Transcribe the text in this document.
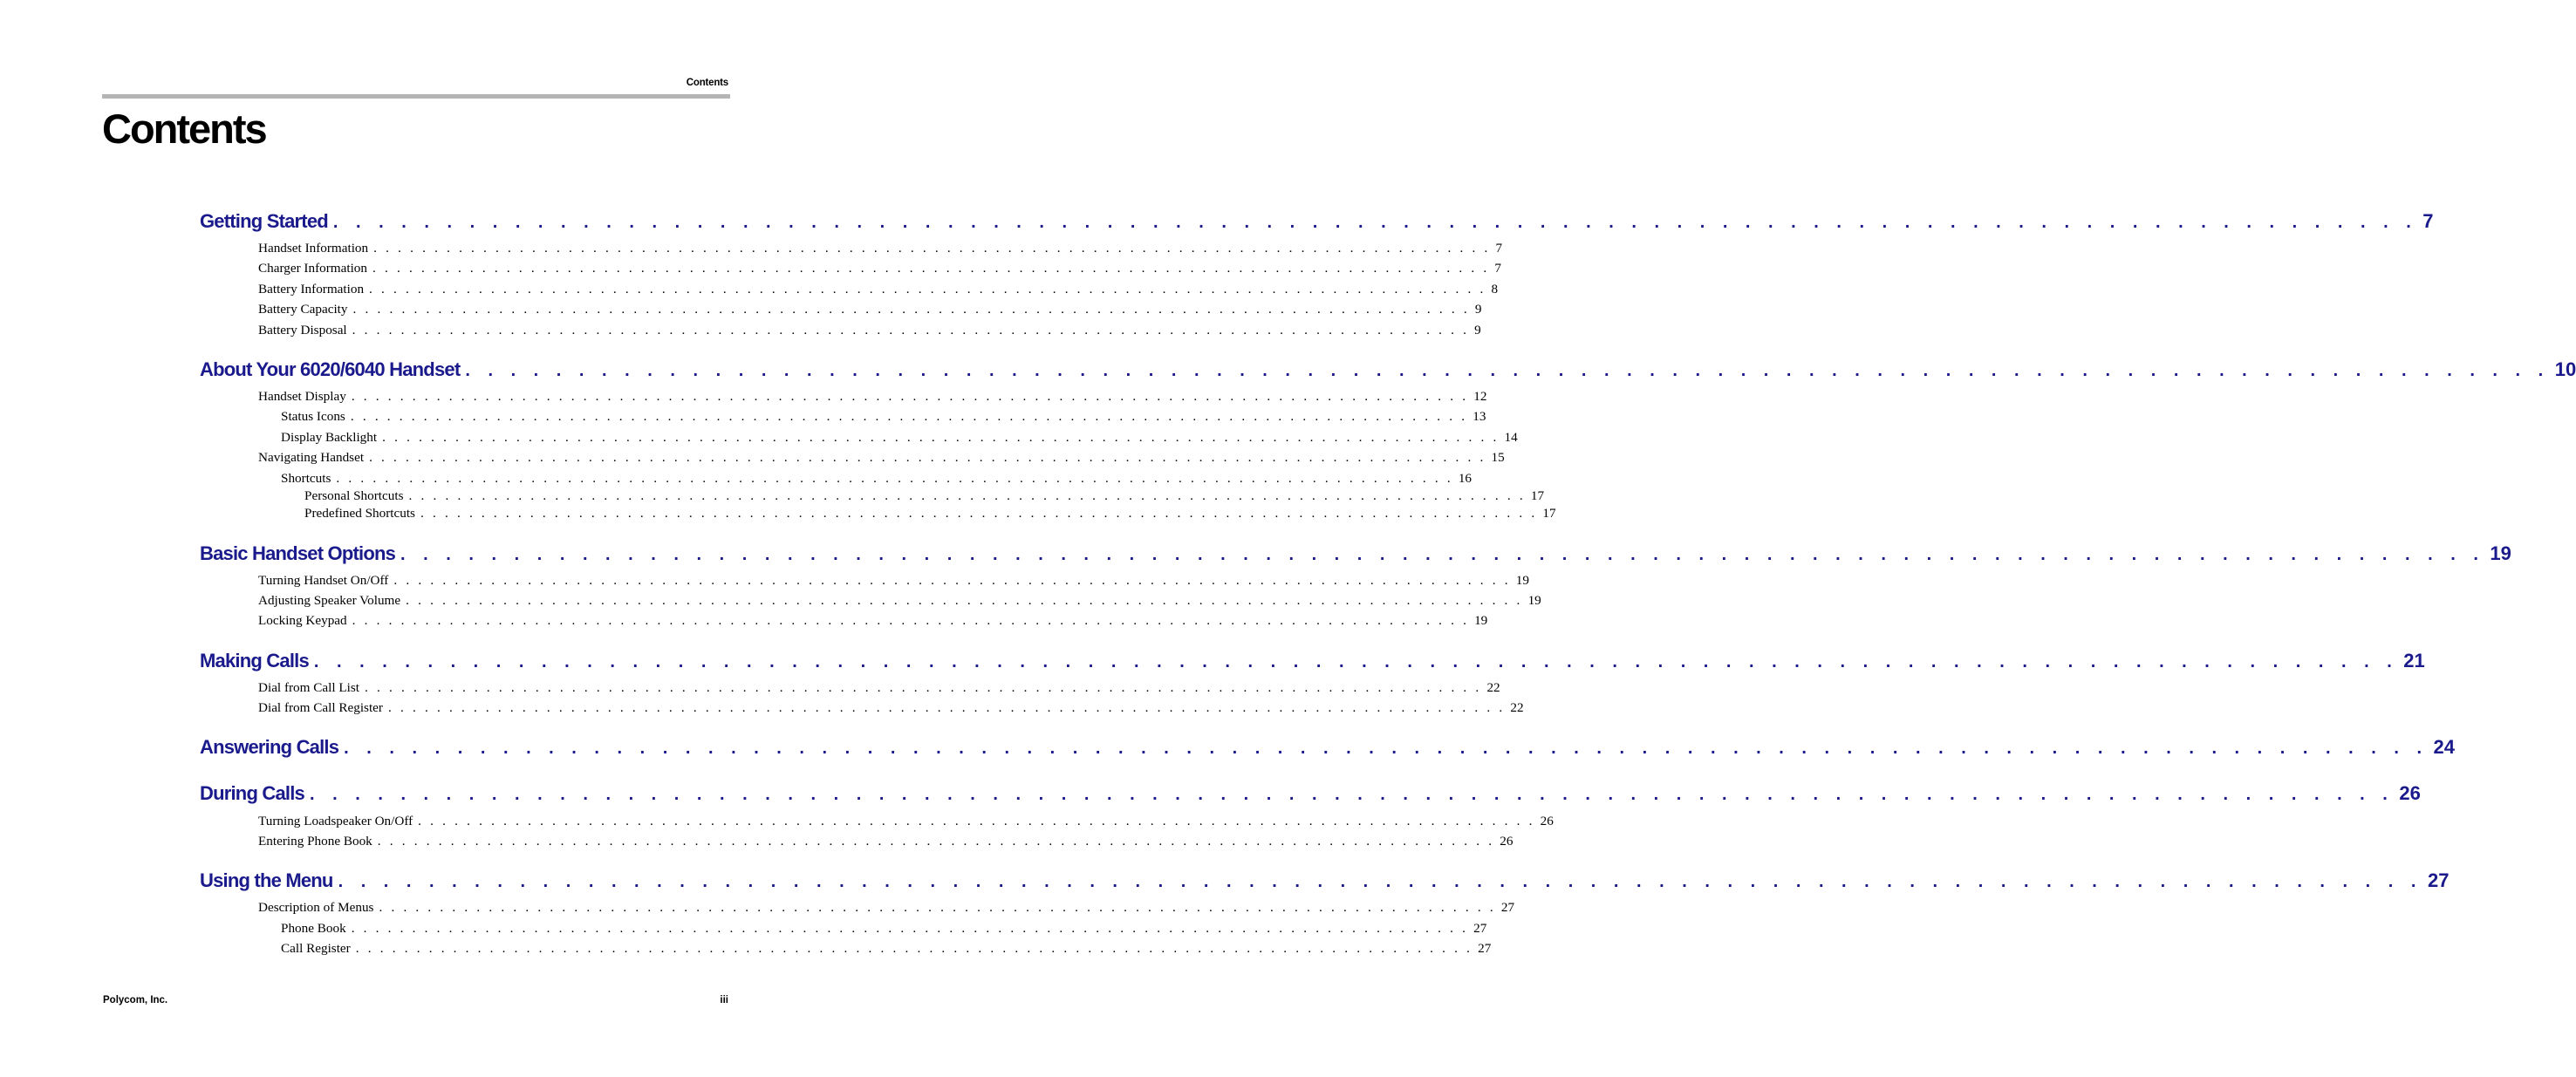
Contents
Contents
Getting Started . . . . . . . . . . . . . . . . . . . . . . . . . . . . . . . . . . . . . . . . . . . . . . . . . . . . . . . . . . . . . . . . . . . . . . . . . . . . . . . . . . . . . . . . . . . . 7
Handset Information . . . . . . . . . . . . . . . . . . . . . . . . . . . . . . . . . . . . . . . . . . . . . . . . . . . . . . . . . . . . . . . . . . . . . . . . . . . . . . . . . . . . . . . . . . . . 7
Charger Information . . . . . . . . . . . . . . . . . . . . . . . . . . . . . . . . . . . . . . . . . . . . . . . . . . . . . . . . . . . . . . . . . . . . . . . . . . . . . . . . . . . . . . . . . . . . 7
Battery Information . . . . . . . . . . . . . . . . . . . . . . . . . . . . . . . . . . . . . . . . . . . . . . . . . . . . . . . . . . . . . . . . . . . . . . . . . . . . . . . . . . . . . . . . . . . . 8
Battery Capacity . . . . . . . . . . . . . . . . . . . . . . . . . . . . . . . . . . . . . . . . . . . . . . . . . . . . . . . . . . . . . . . . . . . . . . . . . . . . . . . . . . . . . . . . . . . . 9
Battery Disposal . . . . . . . . . . . . . . . . . . . . . . . . . . . . . . . . . . . . . . . . . . . . . . . . . . . . . . . . . . . . . . . . . . . . . . . . . . . . . . . . . . . . . . . . . . . . 9
About Your 6020/6040 Handset . . . . . . . . . . . . . . . . . . . . . . . . . . . . . . . . . . . . . . . . . . . . . . . . . . . . . . . . . . . . . . . . . . . . . . . . . . . . . . . . . . . . . . . . . . . . 10
Handset Display . . . . . . . . . . . . . . . . . . . . . . . . . . . . . . . . . . . . . . . . . . . . . . . . . . . . . . . . . . . . . . . . . . . . . . . . . . . . . . . . . . . . . . . . . . . . 12
Status Icons . . . . . . . . . . . . . . . . . . . . . . . . . . . . . . . . . . . . . . . . . . . . . . . . . . . . . . . . . . . . . . . . . . . . . . . . . . . . . . . . . . . . . . . . . . . . 13
Display Backlight . . . . . . . . . . . . . . . . . . . . . . . . . . . . . . . . . . . . . . . . . . . . . . . . . . . . . . . . . . . . . . . . . . . . . . . . . . . . . . . . . . . . . . . . . . . . 14
Navigating Handset . . . . . . . . . . . . . . . . . . . . . . . . . . . . . . . . . . . . . . . . . . . . . . . . . . . . . . . . . . . . . . . . . . . . . . . . . . . . . . . . . . . . . . . . . . . . 15
Shortcuts . . . . . . . . . . . . . . . . . . . . . . . . . . . . . . . . . . . . . . . . . . . . . . . . . . . . . . . . . . . . . . . . . . . . . . . . . . . . . . . . . . . . . . . . . . . . 16
Personal Shortcuts . . . . . . . . . . . . . . . . . . . . . . . . . . . . . . . . . . . . . . . . . . . . . . . . . . . . . . . . . . . . . . . . . . . . . . . . . . . . . . . . . . . . . . . . . . . . 17
Predefined Shortcuts . . . . . . . . . . . . . . . . . . . . . . . . . . . . . . . . . . . . . . . . . . . . . . . . . . . . . . . . . . . . . . . . . . . . . . . . . . . . . . . . . . . . . . . . . . . . 17
Basic Handset Options . . . . . . . . . . . . . . . . . . . . . . . . . . . . . . . . . . . . . . . . . . . . . . . . . . . . . . . . . . . . . . . . . . . . . . . . . . . . . . . . . . . . . . . . . . . . 19
Turning Handset On/Off . . . . . . . . . . . . . . . . . . . . . . . . . . . . . . . . . . . . . . . . . . . . . . . . . . . . . . . . . . . . . . . . . . . . . . . . . . . . . . . . . . . . . . . . . . . . 19
Adjusting Speaker Volume . . . . . . . . . . . . . . . . . . . . . . . . . . . . . . . . . . . . . . . . . . . . . . . . . . . . . . . . . . . . . . . . . . . . . . . . . . . . . . . . . . . . . . . . . . . . 19
Locking Keypad . . . . . . . . . . . . . . . . . . . . . . . . . . . . . . . . . . . . . . . . . . . . . . . . . . . . . . . . . . . . . . . . . . . . . . . . . . . . . . . . . . . . . . . . . . . . 19
Making Calls . . . . . . . . . . . . . . . . . . . . . . . . . . . . . . . . . . . . . . . . . . . . . . . . . . . . . . . . . . . . . . . . . . . . . . . . . . . . . . . . . . . . . . . . . . . . 21
Dial from Call List . . . . . . . . . . . . . . . . . . . . . . . . . . . . . . . . . . . . . . . . . . . . . . . . . . . . . . . . . . . . . . . . . . . . . . . . . . . . . . . . . . . . . . . . . . . . 22
Dial from Call Register . . . . . . . . . . . . . . . . . . . . . . . . . . . . . . . . . . . . . . . . . . . . . . . . . . . . . . . . . . . . . . . . . . . . . . . . . . . . . . . . . . . . . . . . . . . . 22
Answering Calls . . . . . . . . . . . . . . . . . . . . . . . . . . . . . . . . . . . . . . . . . . . . . . . . . . . . . . . . . . . . . . . . . . . . . . . . . . . . . . . . . . . . . . . . . . . . 24
During Calls . . . . . . . . . . . . . . . . . . . . . . . . . . . . . . . . . . . . . . . . . . . . . . . . . . . . . . . . . . . . . . . . . . . . . . . . . . . . . . . . . . . . . . . . . . . . 26
Turning Loadspeaker On/Off . . . . . . . . . . . . . . . . . . . . . . . . . . . . . . . . . . . . . . . . . . . . . . . . . . . . . . . . . . . . . . . . . . . . . . . . . . . . . . . . . . . . . . . . . . . . 26
Entering Phone Book . . . . . . . . . . . . . . . . . . . . . . . . . . . . . . . . . . . . . . . . . . . . . . . . . . . . . . . . . . . . . . . . . . . . . . . . . . . . . . . . . . . . . . . . . . . . 26
Using the Menu . . . . . . . . . . . . . . . . . . . . . . . . . . . . . . . . . . . . . . . . . . . . . . . . . . . . . . . . . . . . . . . . . . . . . . . . . . . . . . . . . . . . . . . . . . . . 27
Description of Menus . . . . . . . . . . . . . . . . . . . . . . . . . . . . . . . . . . . . . . . . . . . . . . . . . . . . . . . . . . . . . . . . . . . . . . . . . . . . . . . . . . . . . . . . . . . . 27
Phone Book . . . . . . . . . . . . . . . . . . . . . . . . . . . . . . . . . . . . . . . . . . . . . . . . . . . . . . . . . . . . . . . . . . . . . . . . . . . . . . . . . . . . . . . . . . . . 27
Call Register . . . . . . . . . . . . . . . . . . . . . . . . . . . . . . . . . . . . . . . . . . . . . . . . . . . . . . . . . . . . . . . . . . . . . . . . . . . . . . . . . . . . . . . . . . . . 27
Polycom, Inc.	iii
